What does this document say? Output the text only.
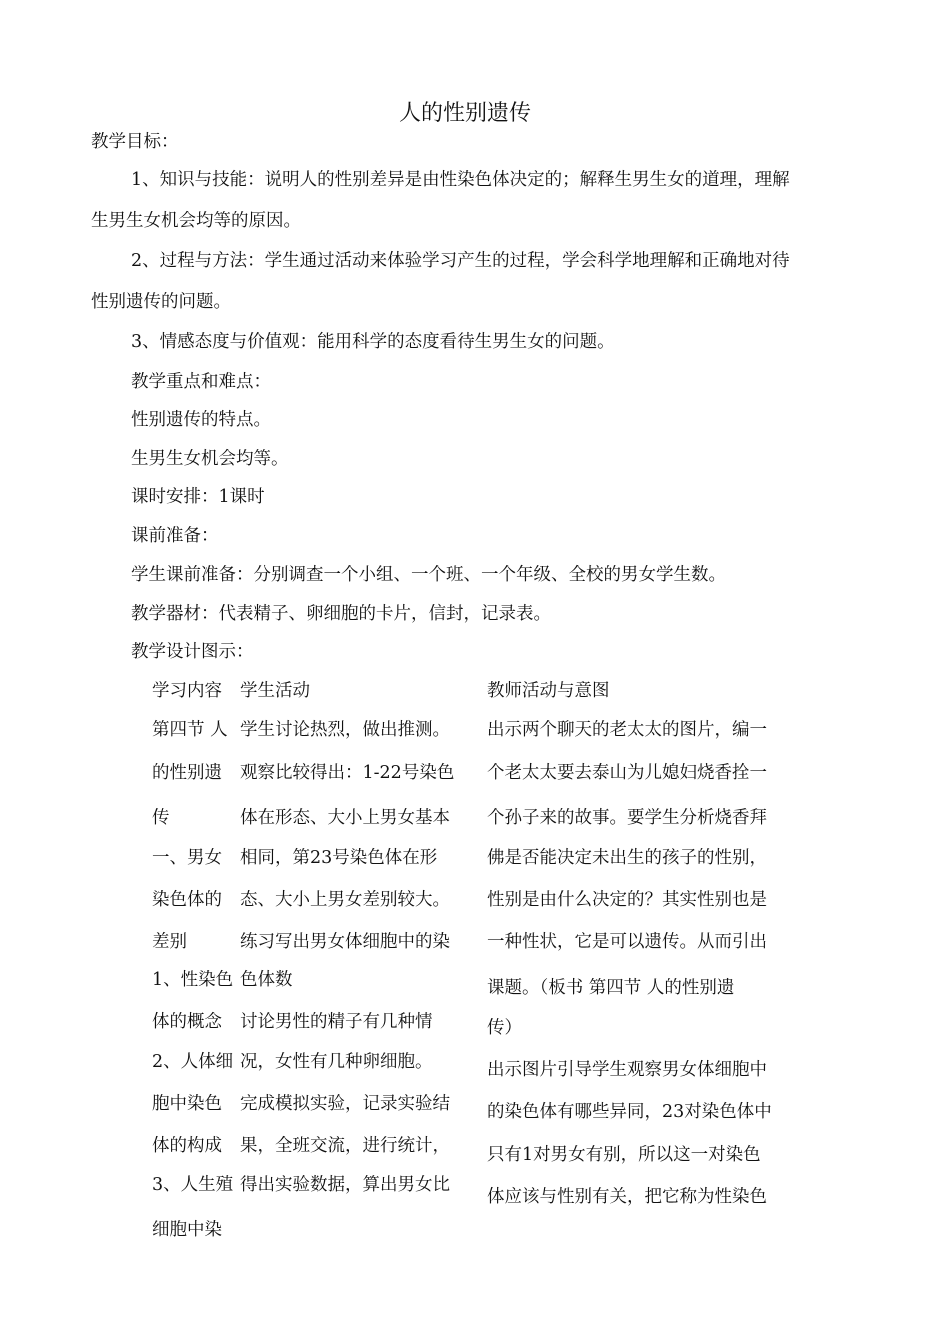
人的性别遗传
教学目标：
1、知识与技能：说明人的性别差异是由性染色体决定的；解释生男生女的道理，理解
生男生女机会均等的原因。
2、过程与方法：学生通过活动来体验学习产生的过程，学会科学地理解和正确地对待
性别遗传的问题。
3、情感态度与价值观：能用科学的态度看待生男生女的问题。
教学重点和难点：
性别遗传的特点。
生男生女机会均等。
课时安排：1课时
课前准备：
学生课前准备：分别调查一个小组、一个班、一个年级、全校的男女学生数。
教学器材：代表精子、卵细胞的卡片，信封，记录表。
教学设计图示：
学习内容 学生活动	教师活动与意图
第四节 人
的性别遗
传
一、男女
染色体的
差别
1、性染色
体的概念
2、人体细
胞中染色
体的构成
3、人生殖
细胞中染
学生讨论热烈，做出推测。
观察比较得出：1-22号染色
体在形态、大小上男女基本
相同，第23号染色体在形
态、大小上男女差别较大。
练习写出男女体细胞中的染
色体数
讨论男性的精子有几种情
况，女性有几种卵细胞。
完成模拟实验，记录实验结
果，全班交流，进行统计，
得出实验数据，算出男女比
出示两个聊天的老太太的图片，编一
个老太太要去泰山为儿媳妇烧香拴一
个孙子来的故事。要学生分析烧香拜
佛是否能决定未出生的孩子的性别，
性别是由什么决定的？其实性别也是
一种性状，它是可以遗传。从而引出
课题。（板书 第四节 人的性别遗
传）
出示图片引导学生观察男女体细胞中
的染色体有哪些异同，23对染色体中
只有1对男女有别，所以这一对染色
体应该与性别有关，把它称为性染色
